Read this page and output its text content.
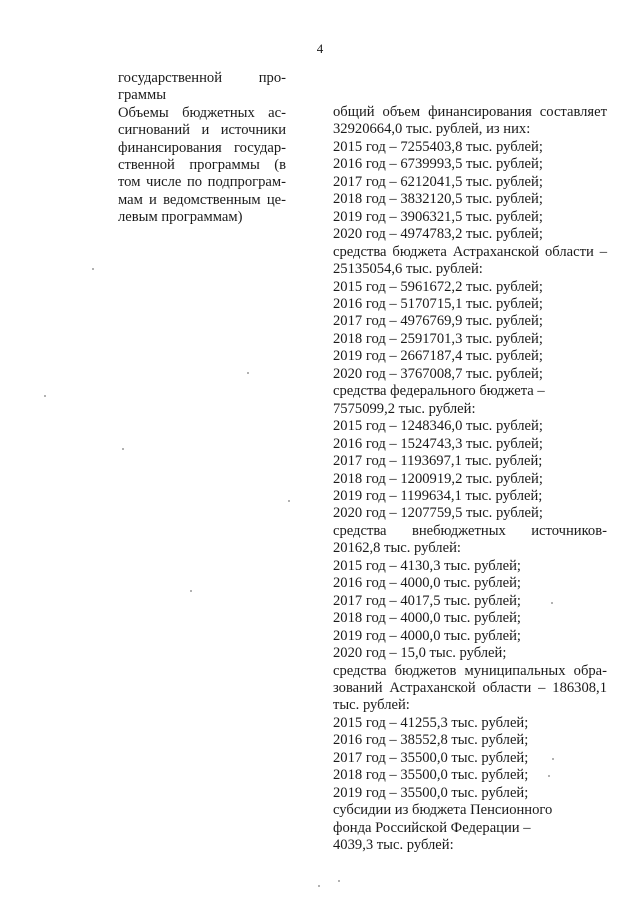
4
государственной про-
граммы
Объемы бюджетных ас-
сигнований и источники
финансирования государ-
ственной программы (в
том числе по подпрограм-
мам и ведомственным це-
левым программам)
общий объем финансирования составляет
32920664,0 тыс. рублей, из них:
2015 год – 7255403,8 тыс. рублей;
2016 год – 6739993,5 тыс. рублей;
2017 год – 6212041,5 тыс. рублей;
2018 год – 3832120,5 тыс. рублей;
2019 год – 3906321,5 тыс. рублей;
2020 год – 4974783,2 тыс. рублей;
средства бюджета Астраханской области –
25135054,6 тыс. рублей:
2015 год – 5961672,2 тыс. рублей;
2016 год – 5170715,1 тыс. рублей;
2017 год – 4976769,9 тыс. рублей;
2018 год – 2591701,3 тыс. рублей;
2019 год – 2667187,4 тыс. рублей;
2020 год – 3767008,7 тыс. рублей;
средства федерального бюджета –
7575099,2 тыс. рублей:
2015 год – 1248346,0 тыс. рублей;
2016 год – 1524743,3 тыс. рублей;
2017 год – 1193697,1 тыс. рублей;
2018 год – 1200919,2 тыс. рублей;
2019 год – 1199634,1 тыс. рублей;
2020 год – 1207759,5 тыс. рублей;
средства внебюджетных источников-
20162,8 тыс. рублей:
2015 год – 4130,3 тыс. рублей;
2016 год – 4000,0 тыс. рублей;
2017 год – 4017,5 тыс. рублей;
2018 год – 4000,0 тыс. рублей;
2019 год – 4000,0 тыс. рублей;
2020 год – 15,0 тыс. рублей;
средства бюджетов муниципальных обра-
зований Астраханской области – 186308,1
тыс. рублей:
2015 год – 41255,3 тыс. рублей;
2016 год – 38552,8 тыс. рублей;
2017 год – 35500,0 тыс. рублей;
2018 год – 35500,0 тыс. рублей;
2019 год – 35500,0 тыс. рублей;
субсидии из бюджета Пенсионного
фонда Российской Федерации –
4039,3 тыс. рублей:
